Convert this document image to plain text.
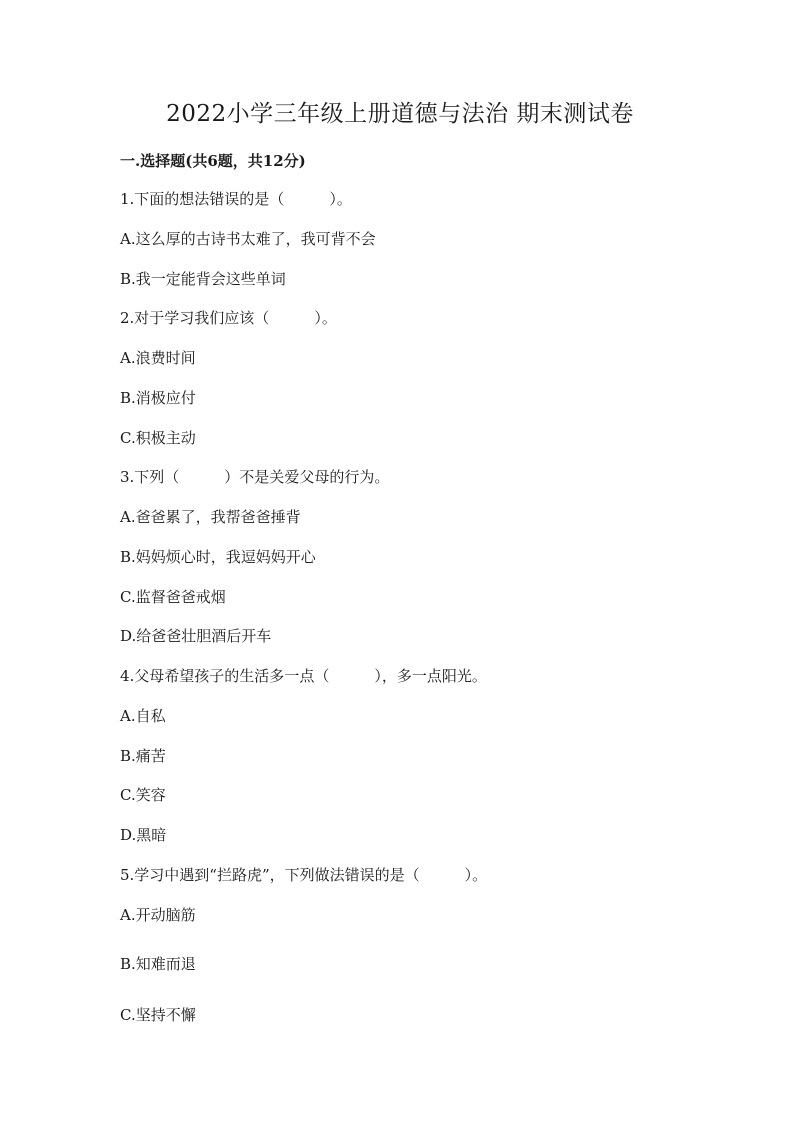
2022小学三年级上册道德与法治 期末测试卷
一.选择题(共6题，共12分)
1.下面的想法错误的是（　　　）。
A.这么厚的古诗书太难了，我可背不会
B.我一定能背会这些单词
2.对于学习我们应该（　　　）。
A.浪费时间
B.消极应付
C.积极主动
3.下列（　　　）不是关爱父母的行为。
A.爸爸累了，我帮爸爸捶背
B.妈妈烦心时，我逗妈妈开心
C.监督爸爸戒烟
D.给爸爸壮胆酒后开车
4.父母希望孩子的生活多一点（　　　），多一点阳光。
A.自私
B.痛苦
C.笑容
D.黑暗
5.学习中遇到“拦路虎”，下列做法错误的是（　　　）。
A.开动脑筋
B.知难而退
C.坚持不懈
